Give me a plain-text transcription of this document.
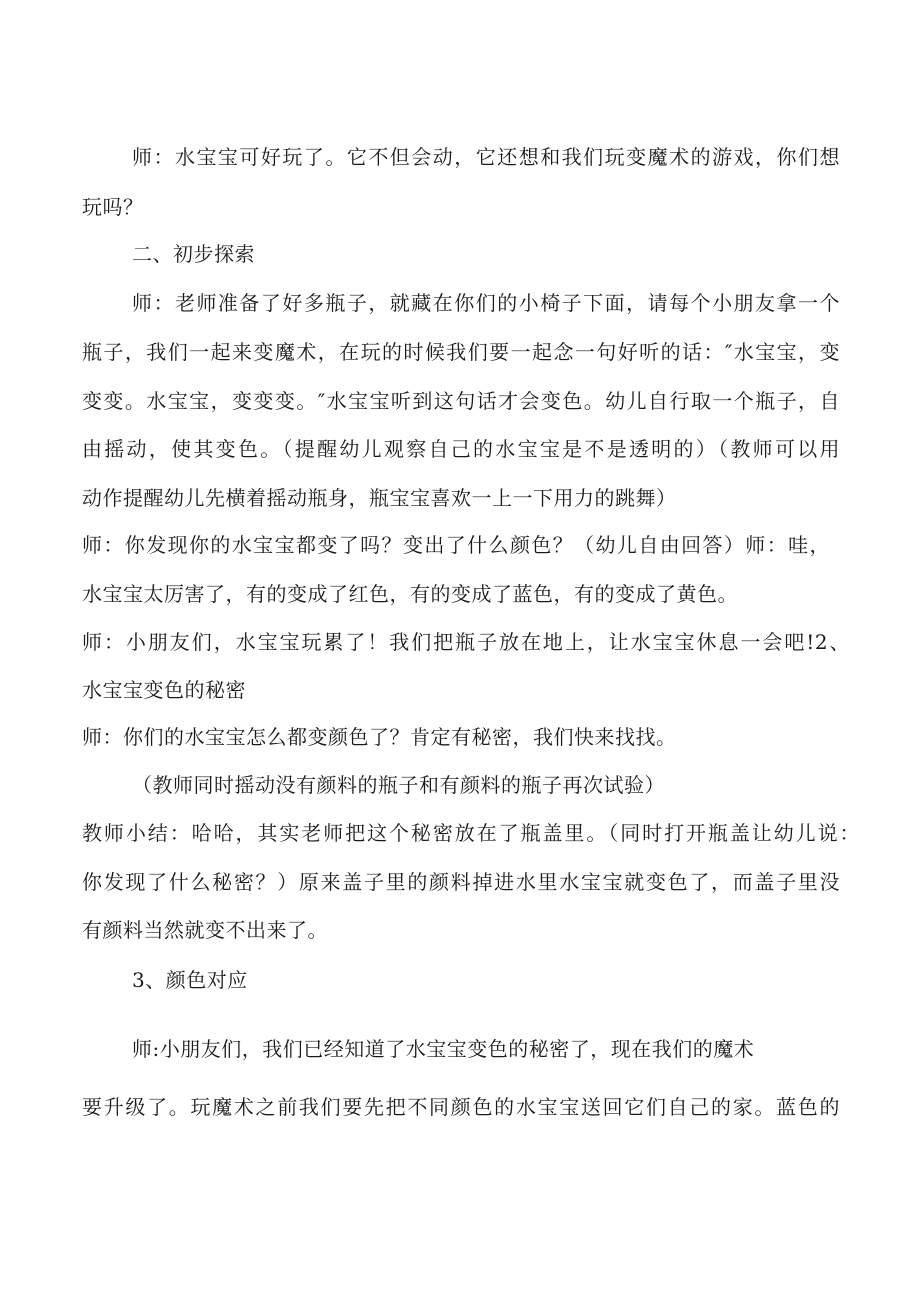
师：水宝宝可好玩了。它不但会动，它还想和我们玩变魔术的游戏，你们想

玩吗？

二、初步探索

师：老师准备了好多瓶子，就藏在你们的小椅子下面，请每个小朋友拿一个

瓶子，我们一起来变魔术，在玩的时候我们要一起念一句好听的话：″水宝宝，变

变变。水宝宝，变变变。″水宝宝听到这句话才会变色。幼儿自行取一个瓶子，自

由摇动，使其变色。（提醒幼儿观察自己的水宝宝是不是透明的）（教师可以用

动作提醒幼儿先横着摇动瓶身，瓶宝宝喜欢一上一下用力的跳舞）

师：你发现你的水宝宝都变了吗？变出了什么颜色？（幼儿自由回答）师：哇，

水宝宝太厉害了，有的变成了红色，有的变成了蓝色，有的变成了黄色。

师：小朋友们，水宝宝玩累了！我们把瓶子放在地上，让水宝宝休息一会吧!2、

水宝宝变色的秘密

师：你们的水宝宝怎么都变颜色了？肯定有秘密，我们快来找找。

（教师同时摇动没有颜料的瓶子和有颜料的瓶子再次试验）

教师小结：哈哈，其实老师把这个秘密放在了瓶盖里。（同时打开瓶盖让幼儿说：

你发现了什么秘密？）原来盖子里的颜料掉进水里水宝宝就变色了，而盖子里没

有颜料当然就变不出来了。

3、颜色对应

师:小朋友们，我们已经知道了水宝宝变色的秘密了，现在我们的魔术

要升级了。玩魔术之前我们要先把不同颜色的水宝宝送回它们自己的家。蓝色的
